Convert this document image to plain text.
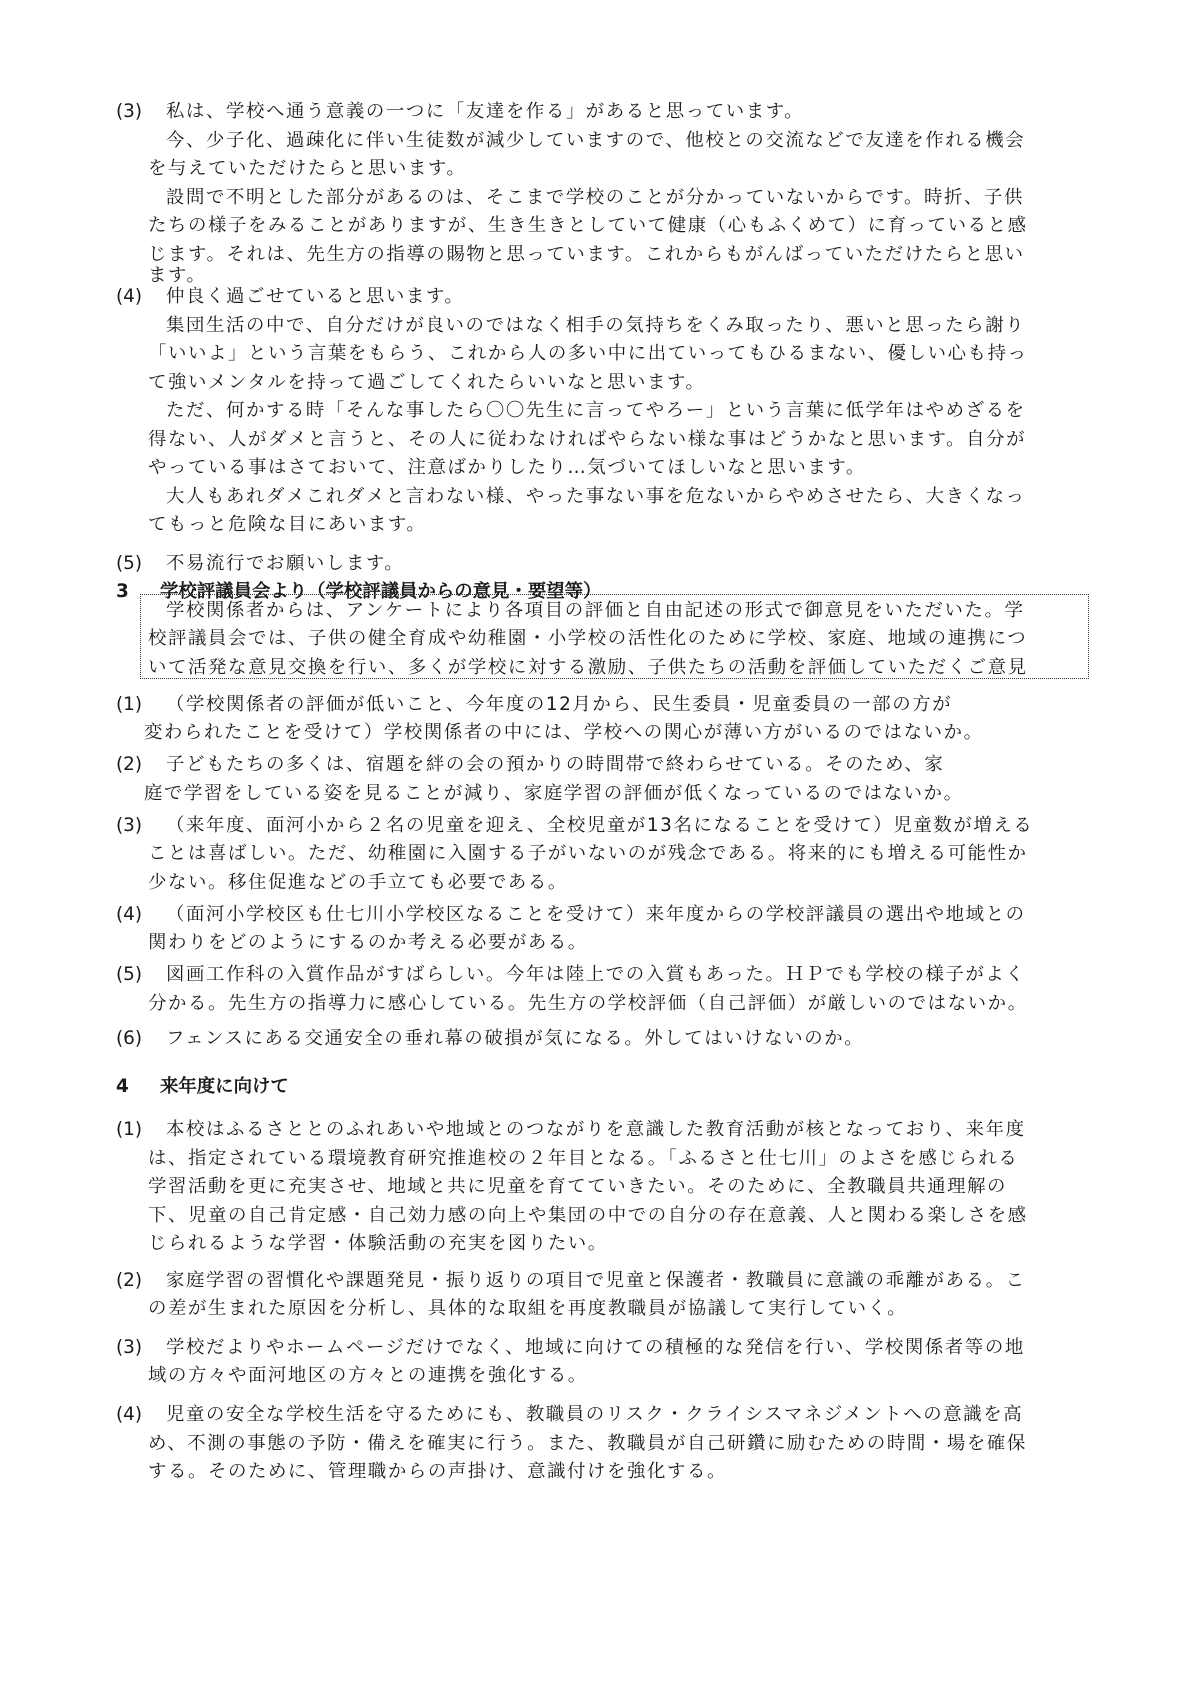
(3) 私は、学校へ通う意義の一つに「友達を作る」があると思っています。
今、少子化、過疎化に伴い生徒数が減少していますので、他校との交流などで友達を作れる機会
を与えていただけたらと思います。
設問で不明とした部分があるのは、そこまで学校のことが分かっていないからです。時折、子供
たちの様子をみることがありますが、生き生きとしていて健康（心もふくめて）に育っていると感
じます。それは、先生方の指導の賜物と思っています。これからもがんばっていただけたらと思い
ます。
(4) 仲良く過ごせていると思います。
集団生活の中で、自分だけが良いのではなく相手の気持ちをくみ取ったり、悪いと思ったら謝り
「いいよ」という言葉をもらう、これから人の多い中に出ていってもひるまない、優しい心も持っ
て強いメンタルを持って過ごしてくれたらいいなと思います。
ただ、何かする時「そんな事したら〇〇先生に言ってやろー」という言葉に低学年はやめざるを
得ない、人がダメと言うと、その人に従わなければやらない様な事はどうかなと思います。自分が
やっている事はさておいて、注意ばかりしたり…気づいてほしいなと思います。
大人もあれダメこれダメと言わない様、やった事ない事を危ないからやめさせたら、大きくなっ
てもっと危険な目にあいます。
(5) 不易流行でお願いします。
3 学校評議員会より（学校評議員からの意見・要望等）
学校関係者からは、アンケートにより各項目の評価と自由記述の形式で御意見をいただいた。学
校評議員会では、子供の健全育成や幼稚園・小学校の活性化のために学校、家庭、地域の連携につ
いて活発な意見交換を行い、多くが学校に対する激励、子供たちの活動を評価していただくご意見
(1) （学校関係者の評価が低いこと、今年度の12月から、民生委員・児童委員の一部の方が
変わられたことを受けて）学校関係者の中には、学校への関心が薄い方がいるのではないか。
(2) 子どもたちの多くは、宿題を絆の会の預かりの時間帯で終わらせている。そのため、家
庭で学習をしている姿を見ることが減り、家庭学習の評価が低くなっているのではないか。
(3) （来年度、面河小から２名の児童を迎え、全校児童が13名になることを受けて）児童数が増える
ことは喜ばしい。ただ、幼稚園に入園する子がいないのが残念である。将来的にも増える可能性か
少ない。移住促進などの手立ても必要である。
(4) （面河小学校区も仕七川小学校区なることを受けて）来年度からの学校評議員の選出や地域との
関わりをどのようにするのか考える必要がある。
(5) 図画工作科の入賞作品がすばらしい。今年は陸上での入賞もあった。ＨＰでも学校の様子がよく
分かる。先生方の指導力に感心している。先生方の学校評価（自己評価）が厳しいのではないか。
(6) フェンスにある交通安全の垂れ幕の破損が気になる。外してはいけないのか。
4 来年度に向けて
(1) 本校はふるさととのふれあいや地域とのつながりを意識した教育活動が核となっており、来年度
は、指定されている環境教育研究推進校の２年目となる。「ふるさと仕七川」のよさを感じられる
学習活動を更に充実させ、地域と共に児童を育てていきたい。そのために、全教職員共通理解の
下、児童の自己肯定感・自己効力感の向上や集団の中での自分の存在意義、人と関わる楽しさを感
じられるような学習・体験活動の充実を図りたい。
(2) 家庭学習の習慣化や課題発見・振り返りの項目で児童と保護者・教職員に意識の乖離がある。こ
の差が生まれた原因を分析し、具体的な取組を再度教職員が協議して実行していく。
(3) 学校だよりやホームページだけでなく、地域に向けての積極的な発信を行い、学校関係者等の地
域の方々や面河地区の方々との連携を強化する。
(4) 児童の安全な学校生活を守るためにも、教職員のリスク・クライシスマネジメントへの意識を高
め、不測の事態の予防・備えを確実に行う。また、教職員が自己研鑽に励むための時間・場を確保
する。そのために、管理職からの声掛け、意識付けを強化する。
